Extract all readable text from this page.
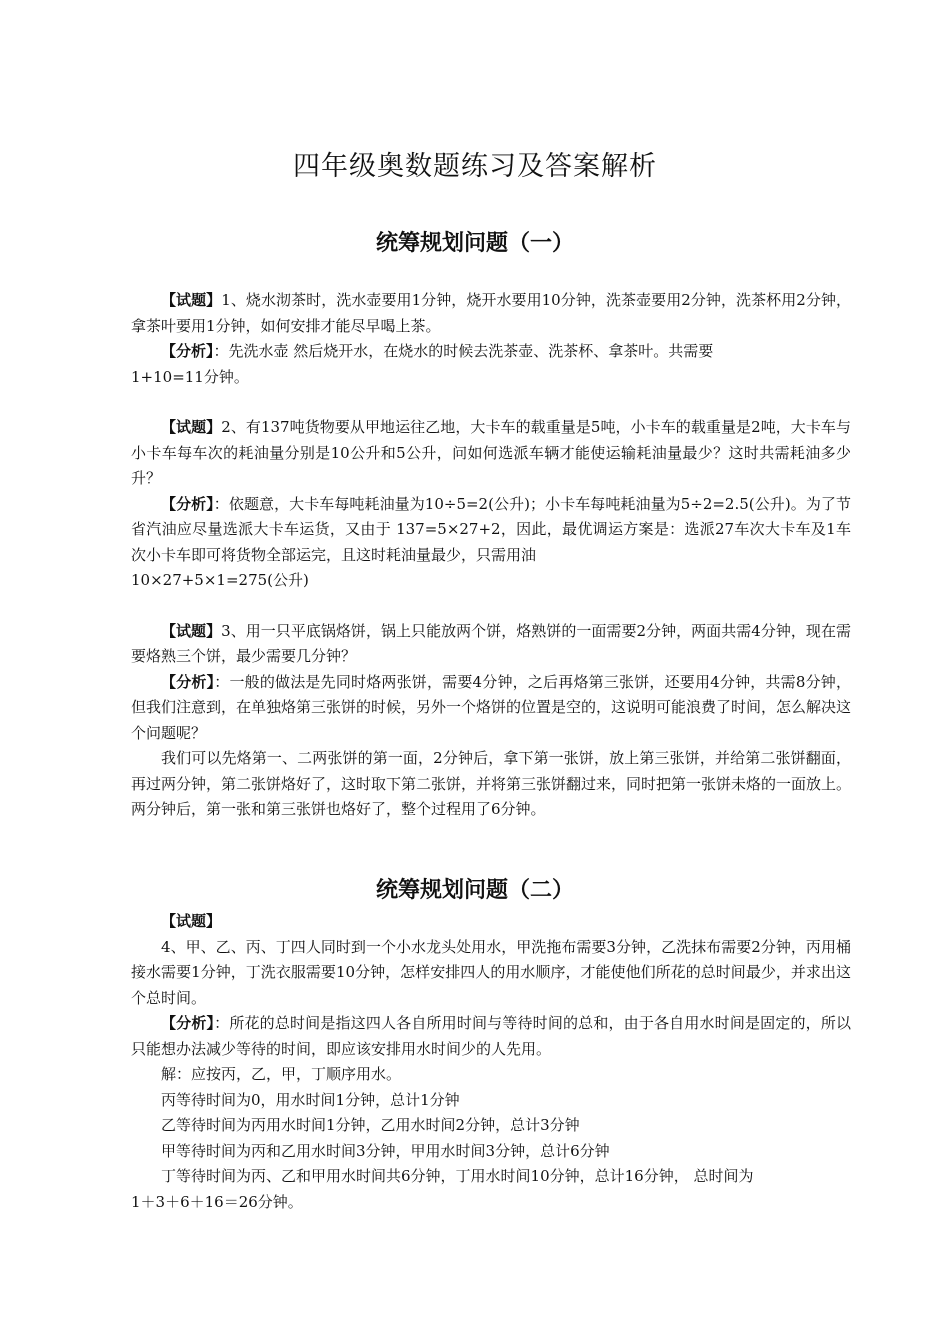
四年级奥数题练习及答案解析
统筹规划问题（一）

【试题】1、烧水沏茶时，洗水壶要用1分钟，烧开水要用10分钟，洗茶壶要用2分钟，洗茶杯用2分钟，拿茶叶要用1分钟，如何安排才能尽早喝上茶。

【分析】：先洗水壶 然后烧开水，在烧水的时候去洗茶壶、洗茶杯、拿茶叶。共需要

1+10=11分钟。

【试题】2、有137吨货物要从甲地运往乙地，大卡车的载重量是5吨，小卡车的载重量是2吨，大卡车与小卡车每车次的耗油量分别是10公升和5公升，问如何选派车辆才能使运输耗油量最少？这时共需耗油多少升？

【分析】：依题意，大卡车每吨耗油量为10÷5=2(公升)；小卡车每吨耗油量为5÷2=2.5(公升)。为了节省汽油应尽量选派大卡车运货，又由于 137=5×27+2，因此，最优调运方案是：选派27车次大卡车及1车次小卡车即可将货物全部运完，且这时耗油量最少，只需用油

10×27+5×1=275(公升)

【试题】3、用一只平底锅烙饼，锅上只能放两个饼，烙熟饼的一面需要2分钟，两面共需4分钟，现在需要烙熟三个饼，最少需要几分钟？

【分析】：一般的做法是先同时烙两张饼，需要4分钟，之后再烙第三张饼，还要用4分钟，共需8分钟，但我们注意到，在单独烙第三张饼的时候，另外一个烙饼的位置是空的，这说明可能浪费了时间，怎么解决这个问题呢？

我们可以先烙第一、二两张饼的第一面，2分钟后，拿下第一张饼，放上第三张饼，并给第二张饼翻面，再过两分钟，第二张饼烙好了，这时取下第二张饼，并将第三张饼翻过来，同时把第一张饼未烙的一面放上。两分钟后，第一张和第三张饼也烙好了，整个过程用了6分钟。

统筹规划问题（二）

【试题】

4、甲、乙、丙、丁四人同时到一个小水龙头处用水，甲洗拖布需要3分钟，乙洗抹布需要2分钟，丙用桶接水需要1分钟，丁洗衣服需要10分钟，怎样安排四人的用水顺序，才能使他们所花的总时间最少，并求出这个总时间。

【分析】：所花的总时间是指这四人各自所用时间与等待时间的总和，由于各自用水时间是固定的，所以只能想办法减少等待的时间，即应该安排用水时间少的人先用。

解：应按丙，乙，甲，丁顺序用水。

丙等待时间为0，用水时间1分钟，总计1分钟

乙等待时间为丙用水时间1分钟，乙用水时间2分钟，总计3分钟

甲等待时间为丙和乙用水时间3分钟，甲用水时间3分钟，总计6分钟

丁等待时间为丙、乙和甲用水时间共6分钟，丁用水时间10分钟，总计16分钟， 总时间为

1＋3＋6＋16＝26分钟。
